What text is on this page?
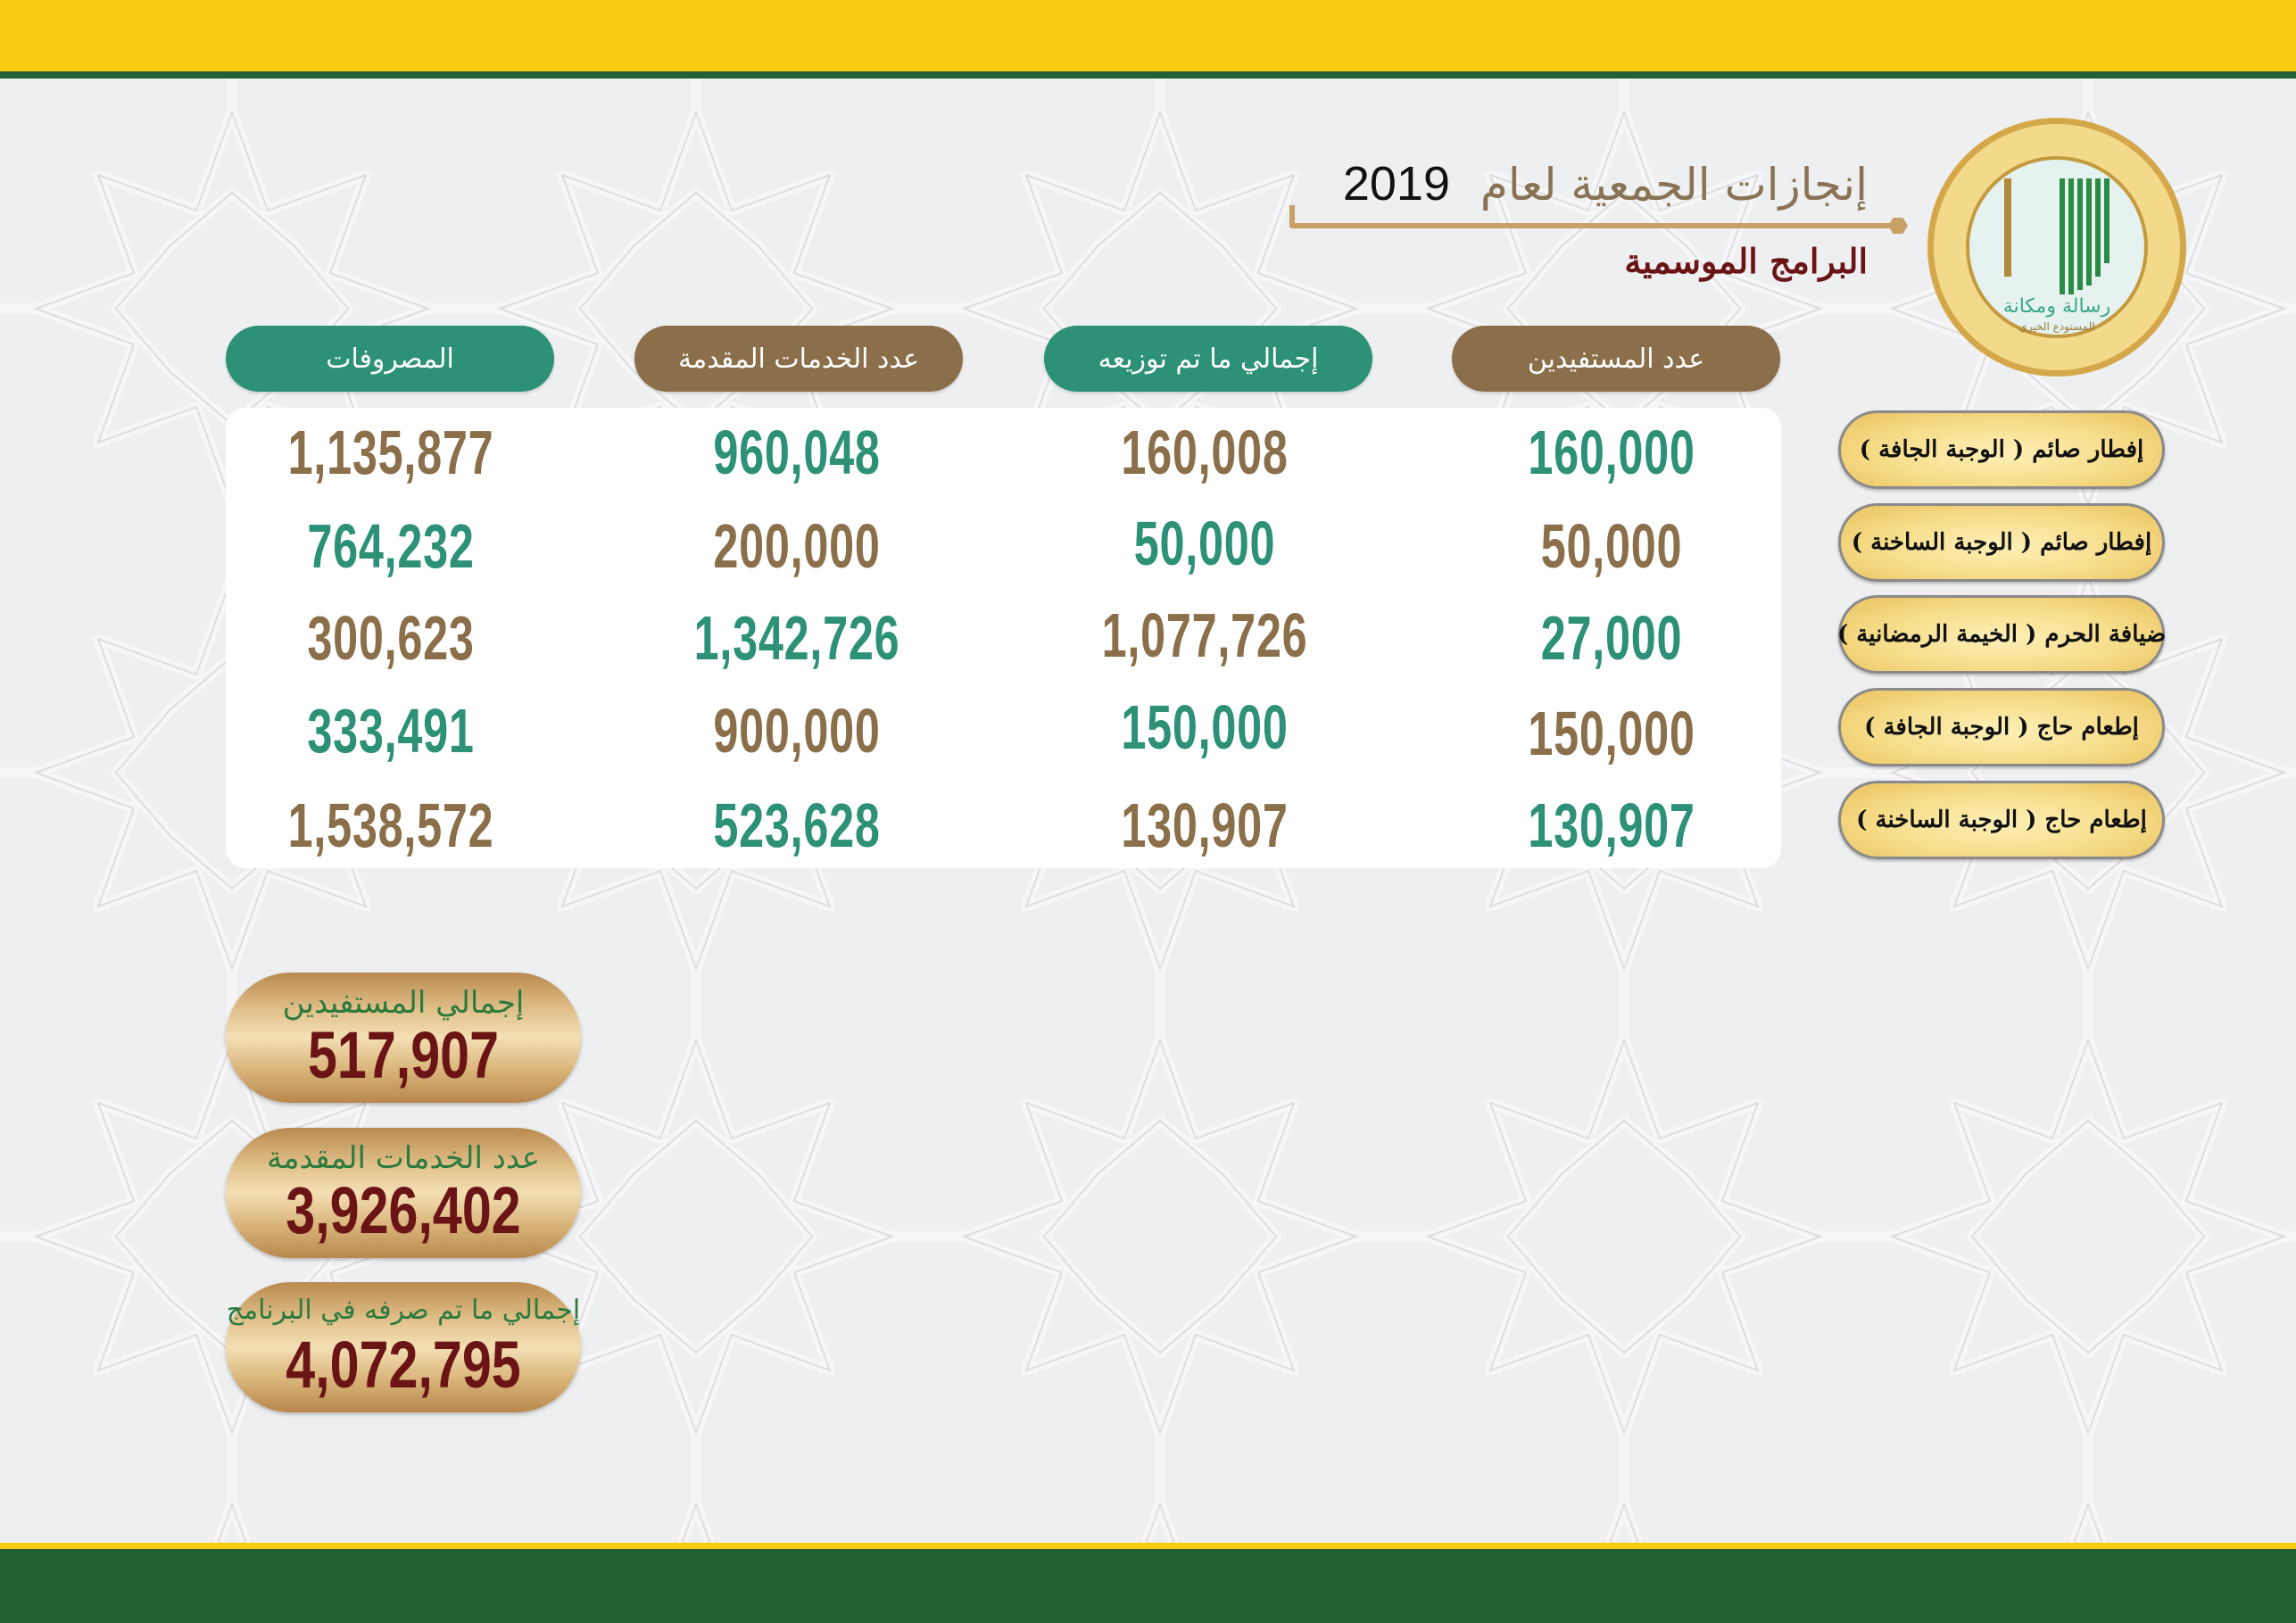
رسالة ومكانة
المستودع الخيري
إنجازات الجمعية لعام 2019
البرامج الموسمية
عدد المستفيدين
إجمالي ما تم توزيعه
عدد الخدمات المقدمة
المصروفات
160,000
160,008
960,048
1,135,877
50,000
50,000
200,000
764,232
27,000
1,077,726
1,342,726
300,623
150,000
150,000
900,000
333,491
130,907
130,907
523,628
1,538,572
إفطار صائم ( الوجبة الجافة )
إفطار صائم ( الوجبة الساخنة )
ضيافة الحرم ( الخيمة الرمضانية )
إطعام حاج ( الوجبة الجافة )
إطعام حاج ( الوجبة الساخنة )
إجمالي المستفيدين
517,907
عدد الخدمات المقدمة
3,926,402
إجمالي ما تم صرفه في البرنامج
4,072,795
